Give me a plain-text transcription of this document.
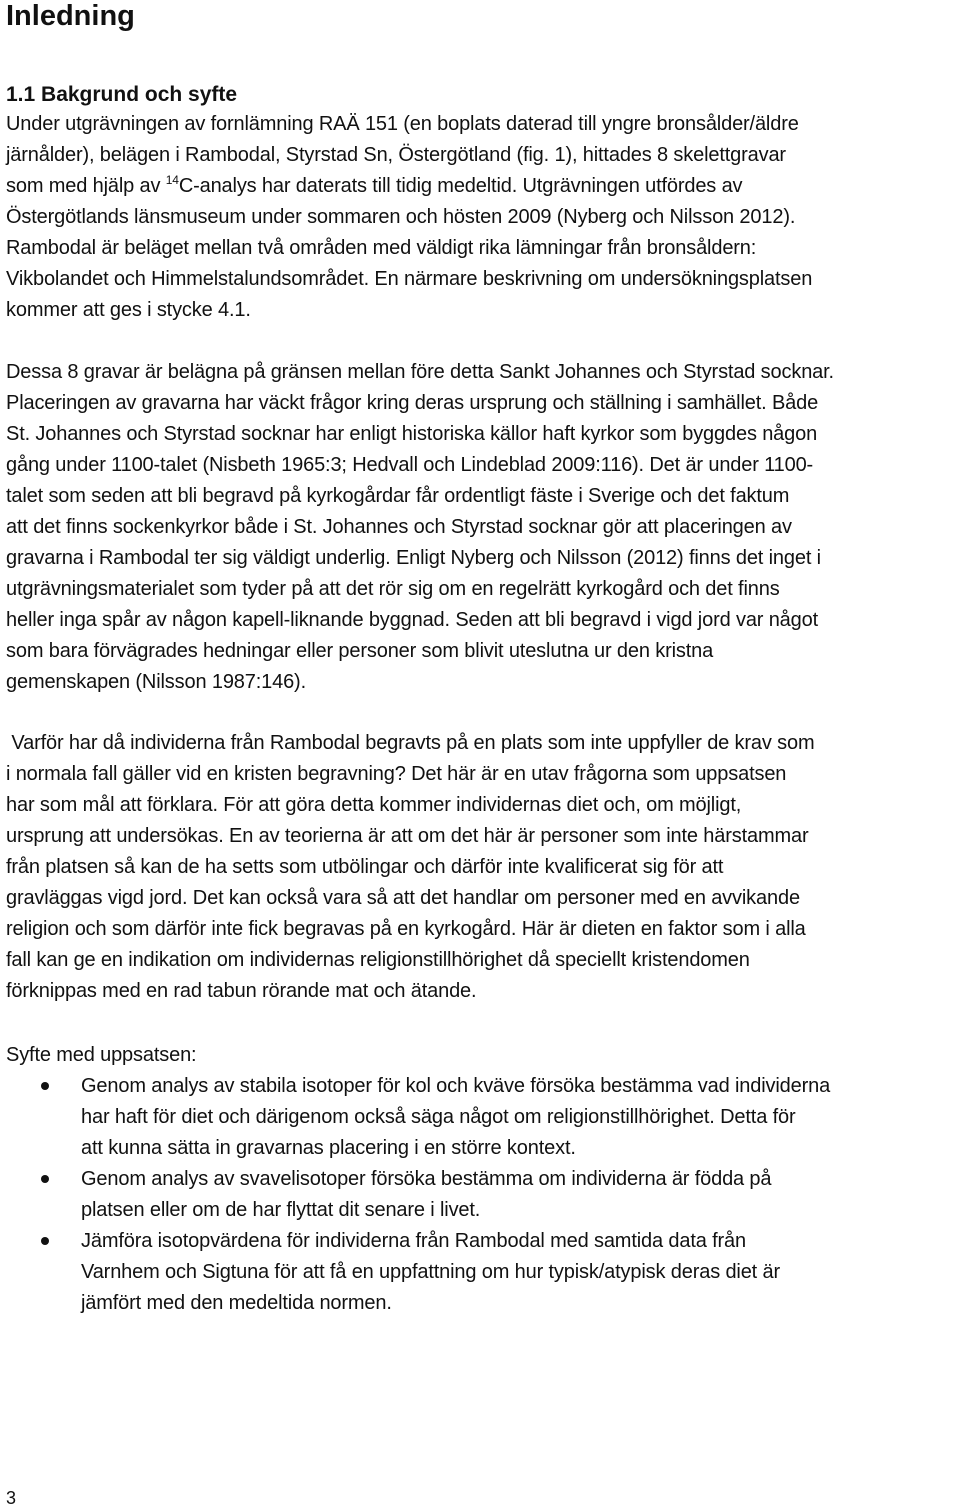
Inledning
1.1 Bakgrund och syfte

Under utgrävningen av fornlämning RAÄ 151 (en boplats daterad till yngre bronsålder/äldre
järnålder), belägen i Rambodal, Styrstad Sn, Östergötland (fig. 1), hittades 8 skelettgravar
som med hjälp av $^{14}$C-analys har daterats till tidig medeltid. Utgrävningen utfördes av
Östergötlands länsmuseum under sommaren och hösten 2009 (Nyberg och Nilsson 2012).
Rambodal är beläget mellan två områden med väldigt rika lämningar från bronsåldern:
Vikbolandet och Himmelstalundsområdet. En närmare beskrivning om undersökningsplatsen
kommer att ges i stycke 4.1.

Dessa 8 gravar är belägna på gränsen mellan före detta Sankt Johannes och Styrstad socknar.
Placeringen av gravarna har väckt frågor kring deras ursprung och ställning i samhället. Både
St. Johannes och Styrstad socknar har enligt historiska källor haft kyrkor som byggdes någon
gång under 1100-talet (Nisbeth 1965:3; Hedvall och Lindeblad 2009:116). Det är under 1100-
talet som seden att bli begravd på kyrkogårdar får ordentligt fäste i Sverige och det faktum
att det finns sockenkyrkor både i St. Johannes och Styrstad socknar gör att placeringen av
gravarna i Rambodal ter sig väldigt underlig. Enligt Nyberg och Nilsson (2012) finns det inget i
utgrävningsmaterialet som tyder på att det rör sig om en regelrätt kyrkogård och det finns
heller inga spår av någon kapell-liknande byggnad. Seden att bli begravd i vigd jord var något
som bara förvägrades hedningar eller personer som blivit uteslutna ur den kristna
gemenskapen (Nilsson 1987:146).

Varför har då individerna från Rambodal begravts på en plats som inte uppfyller de krav som
i normala fall gäller vid en kristen begravning? Det här är en utav frågorna som uppsatsen
har som mål att förklara. För att göra detta kommer individernas diet och, om möjligt,
ursprung att undersökas. En av teorierna är att om det här är personer som inte härstammar
från platsen så kan de ha setts som utbölingar och därför inte kvalificerat sig för att
gravläggas vigd jord. Det kan också vara så att det handlar om personer med en avvikande
religion och som därför inte fick begravas på en kyrkogård. Här är dieten en faktor som i alla
fall kan ge en indikation om individernas religionstillhörighet då speciellt kristendomen
förknippas med en rad tabun rörande mat och ätande.

Syfte med uppsatsen:

Genom analys av stabila isotoper för kol och kväve försöka bestämma vad individerna
har haft för diet och därigenom också säga något om religionstillhörighet. Detta för
att kunna sätta in gravarnas placering i en större kontext.
Genom analys av svavelisotoper försöka bestämma om individerna är födda på
platsen eller om de har flyttat dit senare i livet.
Jämföra isotopvärdena för individerna från Rambodal med samtida data från
Varnhem och Sigtuna för att få en uppfattning om hur typisk/atypisk deras diet är
jämfört med den medeltida normen.
3
